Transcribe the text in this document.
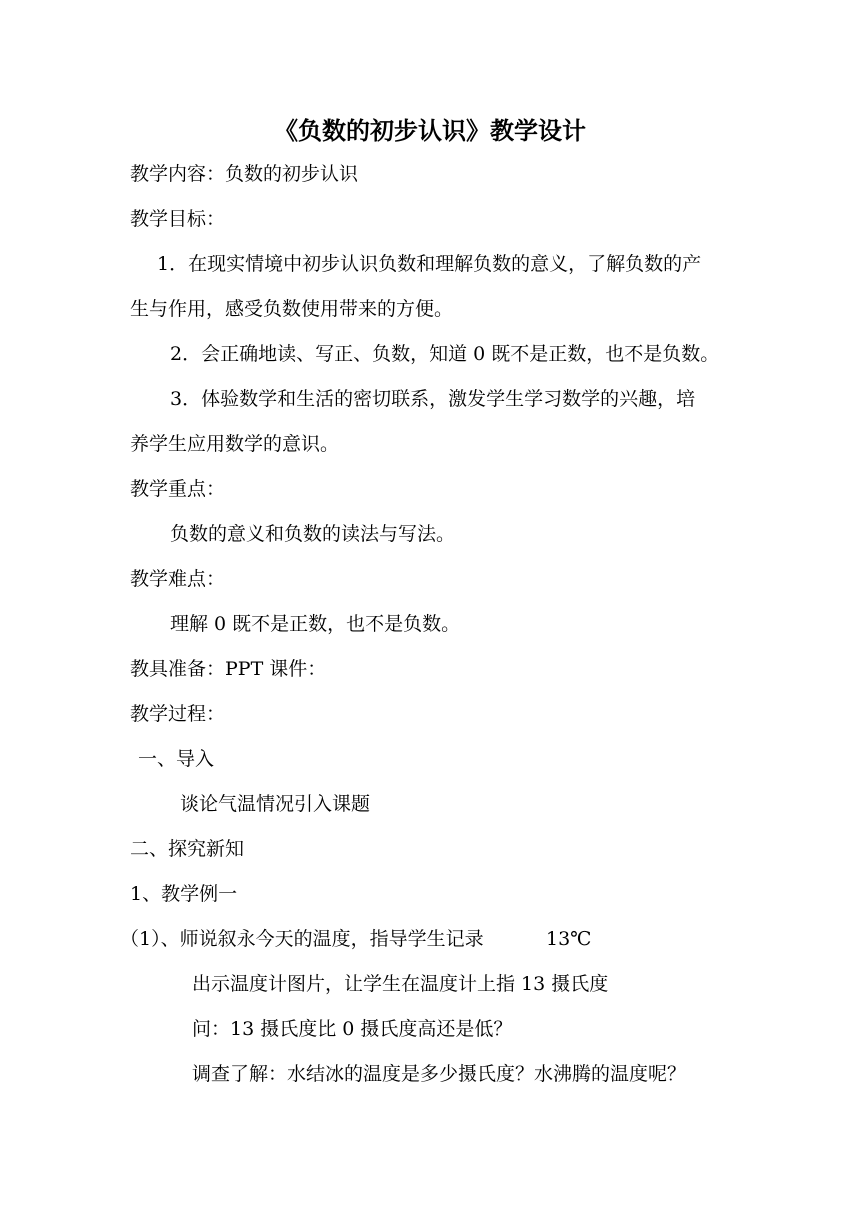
《负数的初步认识》教学设计
教学内容：负数的初步认识
教学目标：
1．在现实情境中初步认识负数和理解负数的意义，了解负数的产
生与作用，感受负数使用带来的方便。
2．会正确地读、写正、负数，知道 0 既不是正数，也不是负数。
3．体验数学和生活的密切联系，激发学生学习数学的兴趣，培
养学生应用数学的意识。
教学重点：
负数的意义和负数的读法与写法。
教学难点：
理解 0 既不是正数，也不是负数。
教具准备：PPT 课件：
教学过程：
一、导入
谈论气温情况引入课题
二、探究新知
1、教学例一
（1）、师说叙永今天的温度，指导学生记录	13℃
出示温度计图片，让学生在温度计上指 13 摄氏度
问：13 摄氏度比 0 摄氏度高还是低？
调查了解：水结冰的温度是多少摄氏度？水沸腾的温度呢？
